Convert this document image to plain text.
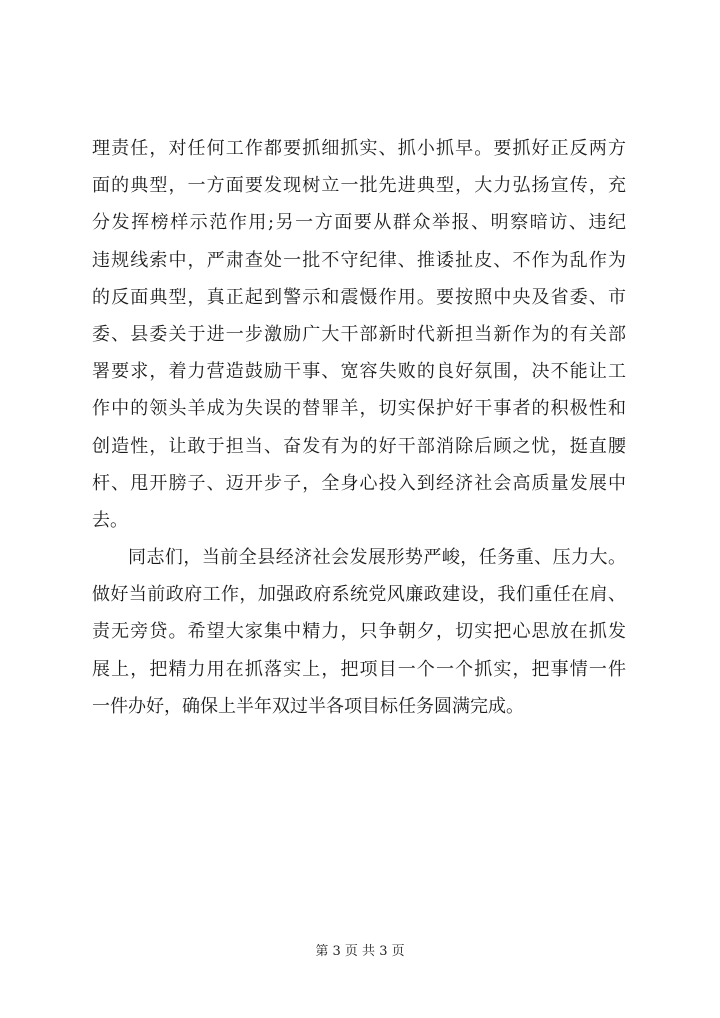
理责任，对任何工作都要抓细抓实、抓小抓早。要抓好正反两方
面的典型，一方面要发现树立一批先进典型，大力弘扬宣传，充
分发挥榜样示范作用;另一方面要从群众举报、明察暗访、违纪
违规线索中，严肃查处一批不守纪律、推诿扯皮、不作为乱作为
的反面典型，真正起到警示和震慑作用。要按照中央及省委、市
委、县委关于进一步激励广大干部新时代新担当新作为的有关部
署要求，着力营造鼓励干事、宽容失败的良好氛围，决不能让工
作中的领头羊成为失误的替罪羊，切实保护好干事者的积极性和
创造性，让敢于担当、奋发有为的好干部消除后顾之忧，挺直腰
杆、甩开膀子、迈开步子，全身心投入到经济社会高质量发展中
去。
同志们，当前全县经济社会发展形势严峻，任务重、压力大。
做好当前政府工作，加强政府系统党风廉政建设，我们重任在肩、
责无旁贷。希望大家集中精力，只争朝夕，切实把心思放在抓发
展上，把精力用在抓落实上，把项目一个一个抓实，把事情一件
一件办好，确保上半年双过半各项目标任务圆满完成。
第 3 页 共 3 页
